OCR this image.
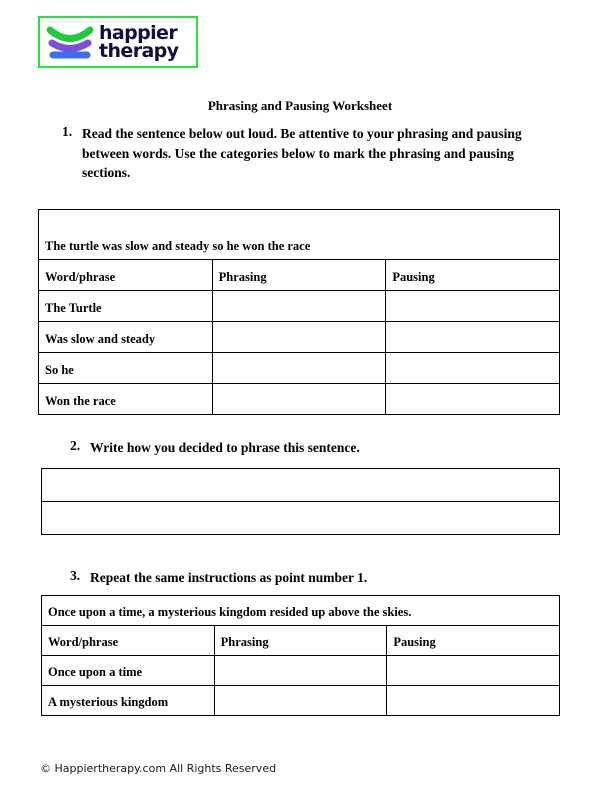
happier
therapy
Phrasing and Pausing Worksheet
1. Read the sentence below out loud. Be attentive to your phrasing and pausing between words. Use the categories below to mark the phrasing and pausing sections.
The turtle was slow and steady so he won the race		
Word/phrase	Phrasing	Pausing
The Turtle		
Was slow and steady		
So he		
Won the race		
2. Write how you decided to phrase this sentence.

3. Repeat the same instructions as point number 1.
Once upon a time, a mysterious kingdom resided up above the skies.		
Word/phrase	Phrasing	Pausing
Once upon a time		
A mysterious kingdom		
© Happiertherapy.com All Rights Reserved
